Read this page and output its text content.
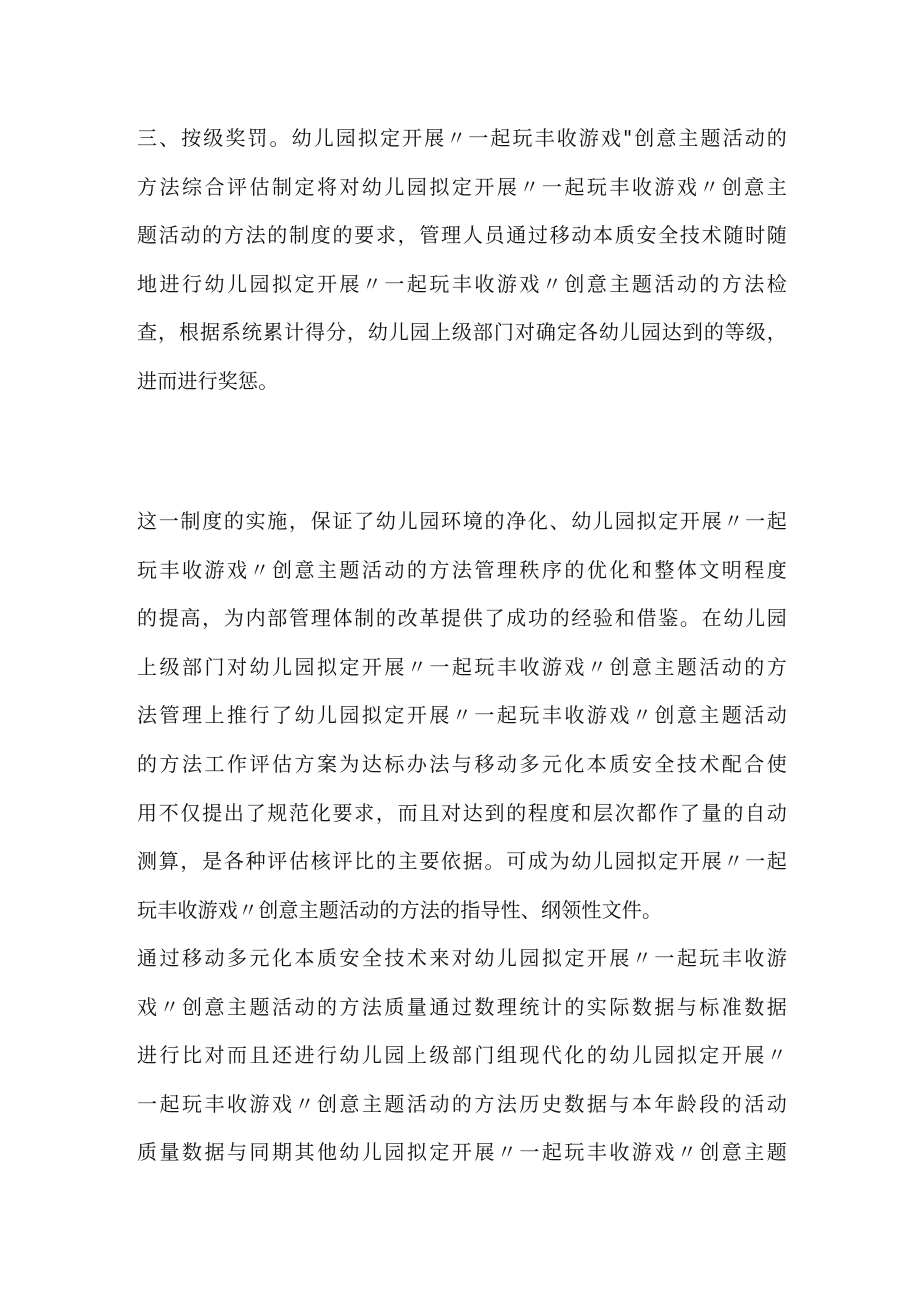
三、按级奖罚。幼儿园拟定开展〃一起玩丰收游戏"创意主题活动的
方法综合评估制定将对幼儿园拟定开展〃一起玩丰收游戏〃创意主
题活动的方法的制度的要求，管理人员通过移动本质安全技术随时随
地进行幼儿园拟定开展〃一起玩丰收游戏〃创意主题活动的方法检
查，根据系统累计得分，幼儿园上级部门对确定各幼儿园达到的等级，
进而进行奖惩。
这一制度的实施，保证了幼儿园环境的净化、幼儿园拟定开展〃一起
玩丰收游戏〃创意主题活动的方法管理秩序的优化和整体文明程度
的提高，为内部管理体制的改革提供了成功的经验和借鉴。在幼儿园
上级部门对幼儿园拟定开展〃一起玩丰收游戏〃创意主题活动的方
法管理上推行了幼儿园拟定开展〃一起玩丰收游戏〃创意主题活动
的方法工作评估方案为达标办法与移动多元化本质安全技术配合使
用不仅提出了规范化要求，而且对达到的程度和层次都作了量的自动
测算，是各种评估核评比的主要依据。可成为幼儿园拟定开展〃一起
玩丰收游戏〃创意主题活动的方法的指导性、纲领性文件。
通过移动多元化本质安全技术来对幼儿园拟定开展〃一起玩丰收游
戏〃创意主题活动的方法质量通过数理统计的实际数据与标准数据
进行比对而且还进行幼儿园上级部门组现代化的幼儿园拟定开展〃
一起玩丰收游戏〃创意主题活动的方法历史数据与本年龄段的活动
质量数据与同期其他幼儿园拟定开展〃一起玩丰收游戏〃创意主题
